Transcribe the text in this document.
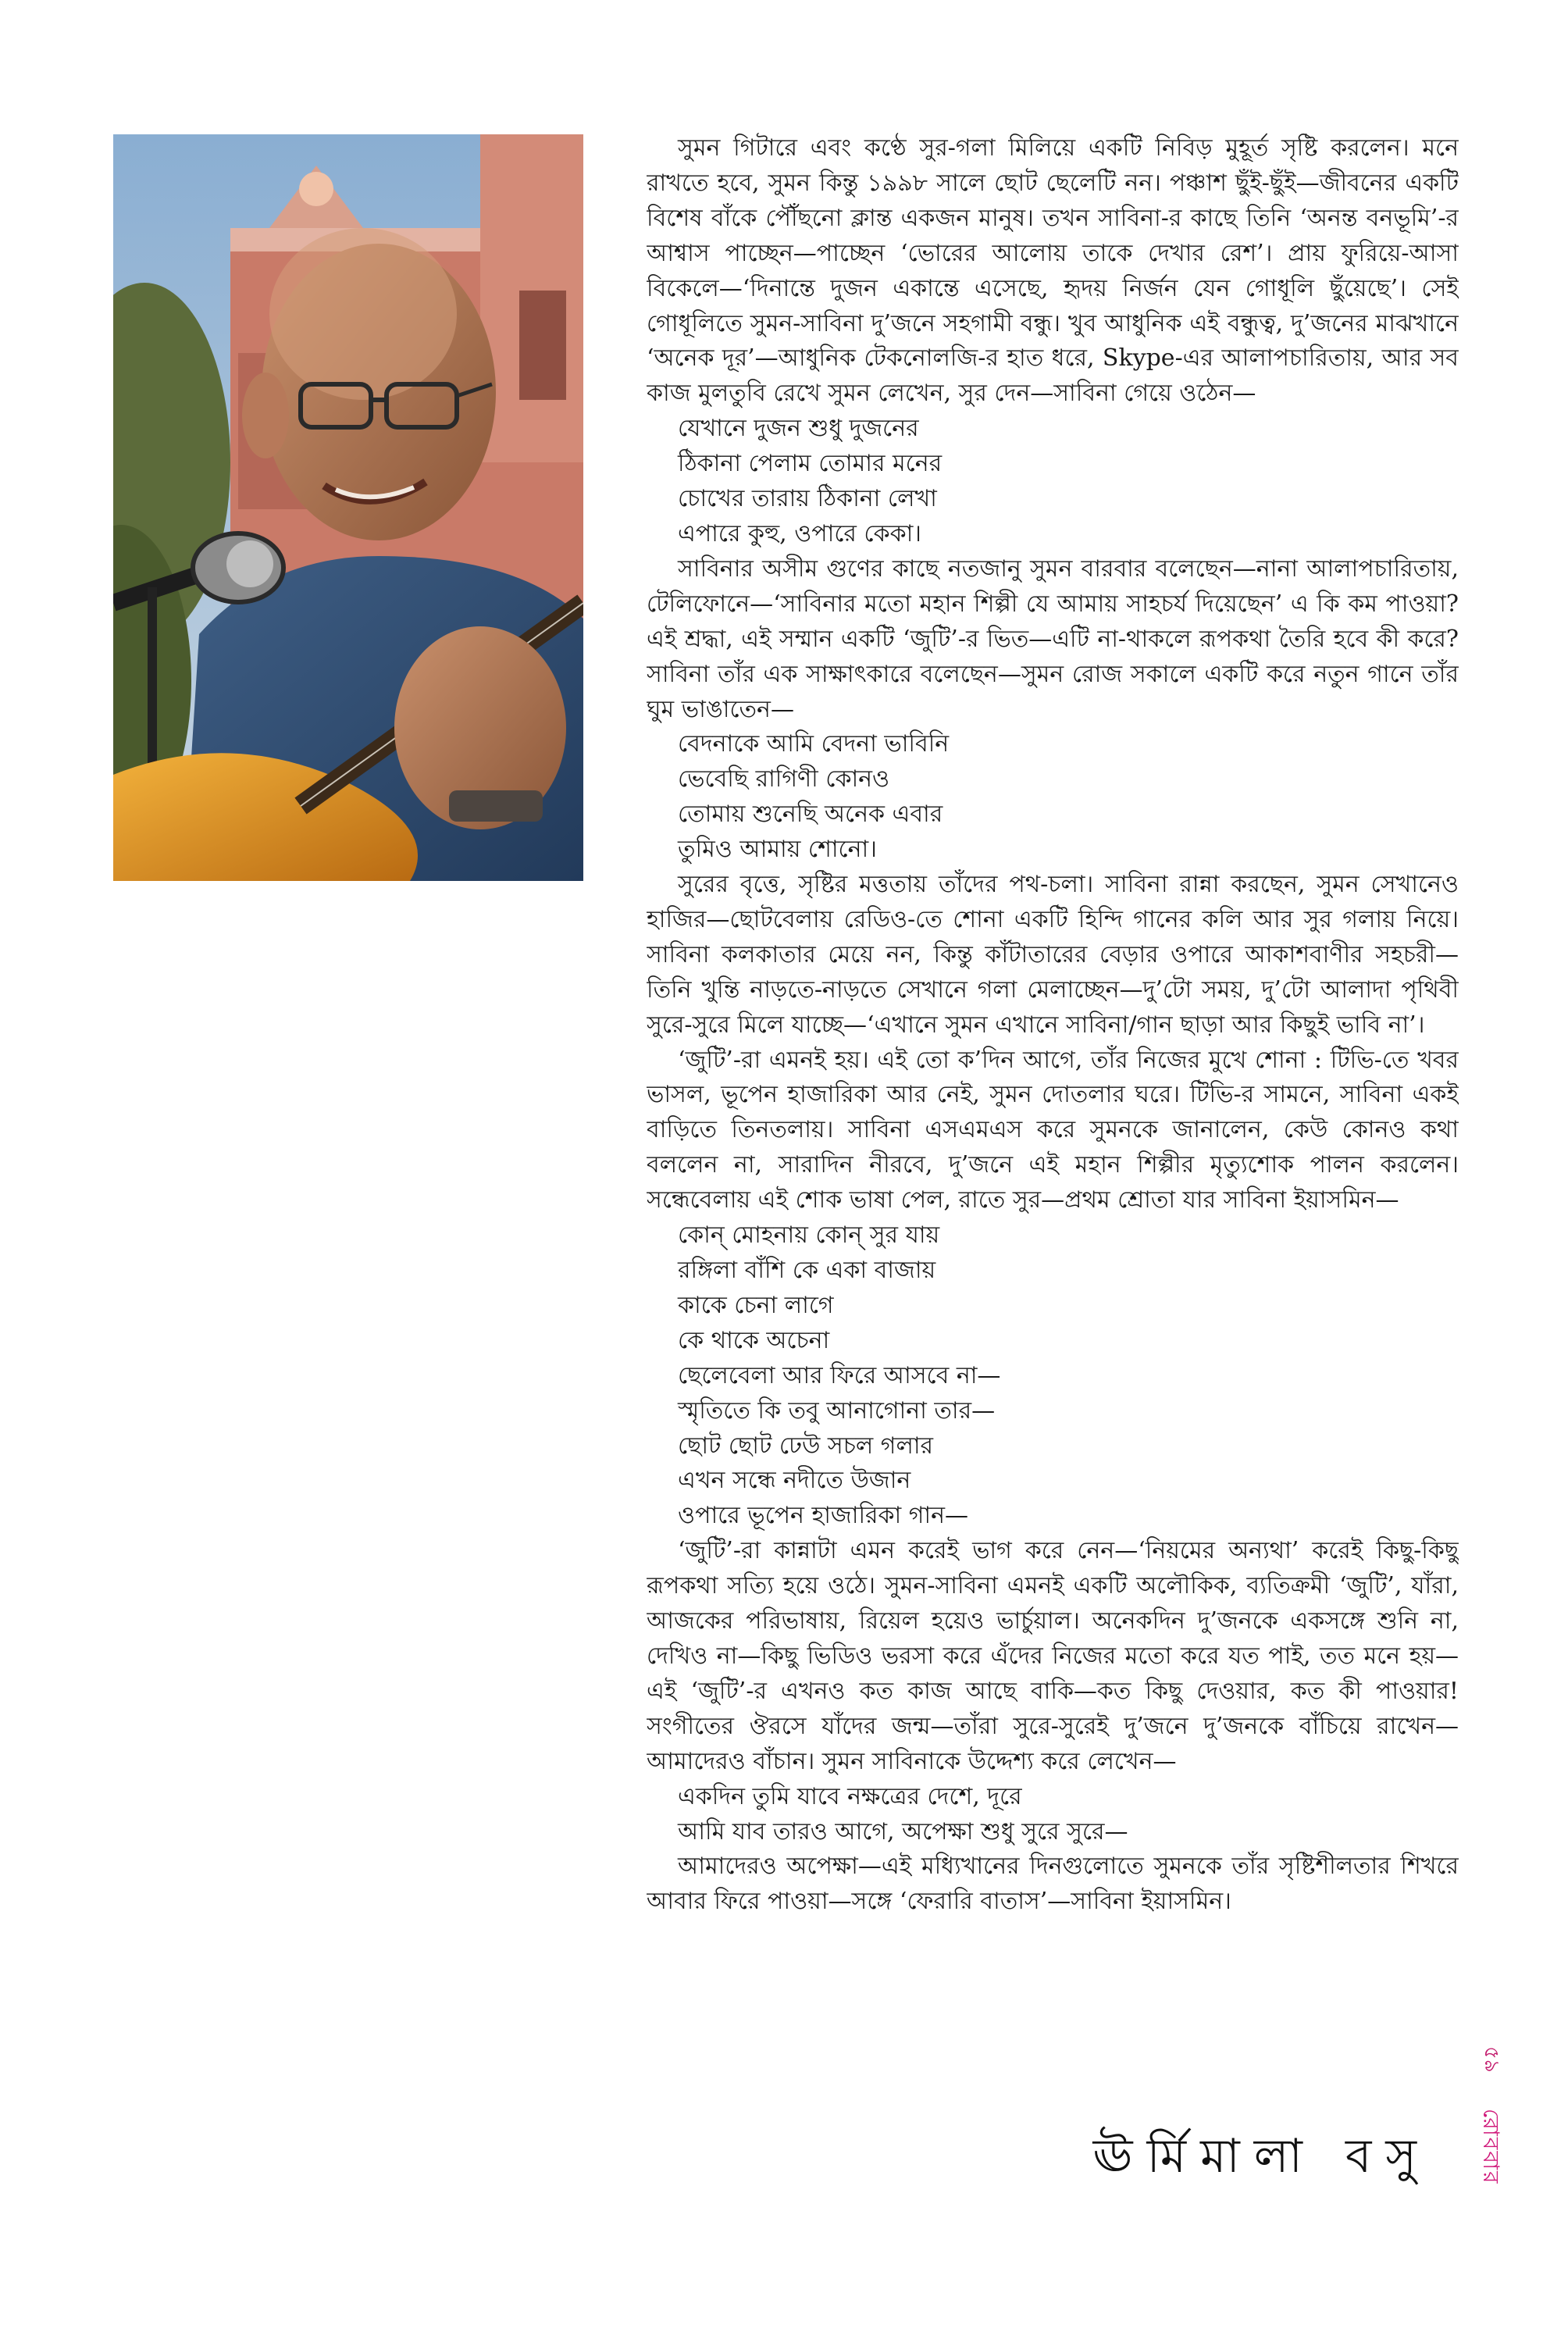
সুমন গিটারে এবং কণ্ঠে সুর-গলা মিলিয়ে একটি নিবিড় মুহূর্ত সৃষ্টি করলেন। মনে রাখতে হবে, সুমন কিন্তু ১৯৯৮ সালে ছোট ছেলেটি নন। পঞ্চাশ ছুঁই-ছুঁই—জীবনের একটি বিশেষ বাঁকে পৌঁছনো ক্লান্ত একজন মানুষ। তখন সাবিনা-র কাছে তিনি ‘অনন্ত বনভূমি’-র আশ্বাস পাচ্ছেন—পাচ্ছেন ‘ভোরের আলোয় তাকে দেখার রেশ’। প্রায় ফুরিয়ে-আসা বিকেলে—‘দিনান্তে দুজন একান্তে এসেছে, হৃদয় নির্জন যেন গোধূলি ছুঁয়েছে’। সেই গোধূলিতে সুমন-সাবিনা দু’জনে সহগামী বন্ধু। খুব আধুনিক এই বন্ধুত্ব, দু’জনের মাঝখানে ‘অনেক দূর’—আধুনিক টেকনোলজি-র হাত ধরে, Skype-এর আলাপচারিতায়, আর সব কাজ মুলতুবি রেখে সুমন লেখেন, সুর দেন—সাবিনা গেয়ে ওঠেন—

যেখানে দুজন শুধু দুজনের
ঠিকানা পেলাম তোমার মনের
চোখের তারায় ঠিকানা লেখা
এপারে কুহু, ওপারে কেকা।

সাবিনার অসীম গুণের কাছে নতজানু সুমন বারবার বলেছেন—নানা আলাপচারিতায়, টেলিফোনে—‘সাবিনার মতো মহান শিল্পী যে আমায় সাহচর্য দিয়েছেন’ এ কি কম পাওয়া? এই শ্রদ্ধা, এই সম্মান একটি ‘জুটি’-র ভিত—এটি না-থাকলে রূপকথা তৈরি হবে কী করে? সাবিনা তাঁর এক সাক্ষাৎকারে বলেছেন—সুমন রোজ সকালে একটি করে নতুন গানে তাঁর ঘুম ভাঙাতেন—

বেদনাকে আমি বেদনা ভাবিনি
ভেবেছি রাগিণী কোনও
তোমায় শুনেছি অনেক এবার
তুমিও আমায় শোনো।

সুরের বৃত্তে, সৃষ্টির মত্ততায় তাঁদের পথ-চলা। সাবিনা রান্না করছেন, সুমন সেখানেও হাজির—ছোটবেলায় রেডিও-তে শোনা একটি হিন্দি গানের কলি আর সুর গলায় নিয়ে। সাবিনা কলকাতার মেয়ে নন, কিন্তু কাঁটাতারের বেড়ার ওপারে আকাশবাণীর সহচরী—তিনি খুন্তি নাড়তে-নাড়তে সেখানে গলা মেলাচ্ছেন—দু’টো সময়, দু’টো আলাদা পৃথিবী সুরে-সুরে মিলে যাচ্ছে—‘এখানে সুমন এখানে সাবিনা/গান ছাড়া আর কিছুই ভাবি না’।

‘জুটি’-রা এমনই হয়। এই তো ক’দিন আগে, তাঁর নিজের মুখে শোনা : টিভি-তে খবর ভাসল, ভূপেন হাজারিকা আর নেই, সুমন দোতলার ঘরে। টিভি-র সামনে, সাবিনা একই বাড়িতে তিনতলায়। সাবিনা এসএমএস করে সুমনকে জানালেন, কেউ কোনও কথা বললেন না, সারাদিন নীরবে, দু’জনে এই মহান শিল্পীর মৃত্যুশোক পালন করলেন। সন্ধেবেলায় এই শোক ভাষা পেল, রাতে সুর—প্রথম শ্রোতা যার সাবিনা ইয়াসমিন—

কোন্ মোহনায় কোন্ সুর যায়
রঙ্গিলা বাঁশি কে একা বাজায়
কাকে চেনা লাগে
কে থাকে অচেনা
ছেলেবেলা আর ফিরে আসবে না—
স্মৃতিতে কি তবু আনাগোনা তার—
ছোট ছোট ঢেউ সচল গলার
এখন সন্ধে নদীতে উজান
ওপারে ভূপেন হাজারিকা গান—

‘জুটি’-রা কান্নাটা এমন করেই ভাগ করে নেন—‘নিয়মের অন্যথা’ করেই কিছু-কিছু রূপকথা সত্যি হয়ে ওঠে। সুমন-সাবিনা এমনই একটি অলৌকিক, ব্যতিক্রমী ‘জুটি’, যাঁরা, আজকের পরিভাষায়, রিয়েল হয়েও ভার্চুয়াল। অনেকদিন দু’জনকে একসঙ্গে শুনি না, দেখিও না—কিছু ভিডিও ভরসা করে এঁদের নিজের মতো করে যত পাই, তত মনে হয়—এই ‘জুটি’-র এখনও কত কাজ আছে বাকি—কত কিছু দেওয়ার, কত কী পাওয়ার! সংগীতের ঔরসে যাঁদের জন্ম—তাঁরা সুরে-সুরেই দু’জনে দু’জনকে বাঁচিয়ে রাখেন—আমাদেরও বাঁচান। সুমন সাবিনাকে উদ্দেশ্য করে লেখেন—

একদিন তুমি যাবে নক্ষত্রের দেশে, দূরে
আমি যাব তারও আগে, অপেক্ষা শুধু সুরে সুরে—

আমাদেরও অপেক্ষা—এই মধ্যিখানের দিনগুলোতে সুমনকে তাঁর সৃষ্টিশীলতার শিখরে আবার ফিরে পাওয়া—সঙ্গে ‘ফেরারি বাতাস’—সাবিনা ইয়াসমিন।

ঊর্মিমালা বসু
৫৯
রোববার
